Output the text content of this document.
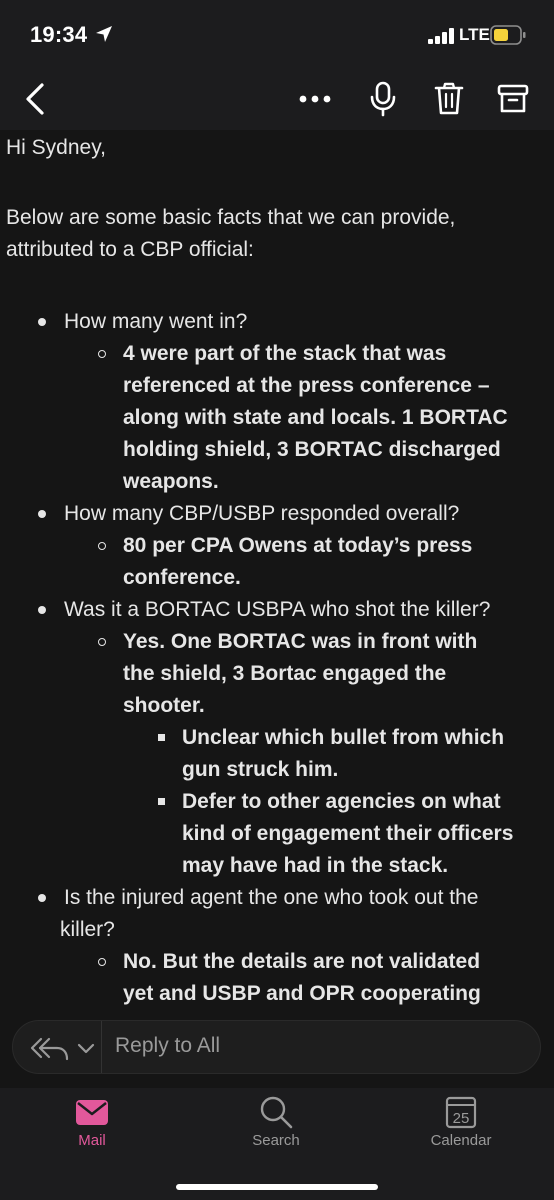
19:34	LTE

Hi Sydney,

Below are some basic facts that we can provide, attributed to a CBP official:

How many went in?
4 were part of the stack that was
referenced at the press conference –
along with state and locals. 1 BORTAC
holding shield, 3 BORTAC discharged
weapons.
How many CBP/USBP responded overall?
80 per CPA Owens at today’s press
conference.
Was it a BORTAC USBPA who shot the killer?
Yes. One BORTAC was in front with
the shield, 3 Bortac engaged the
shooter.
Unclear which bullet from which
gun struck him.
Defer to other agencies on what
kind of engagement their officers
may have had in the stack.
Is the injured agent the one who took out the
killer?
No. But the details are not validated
yet and USBP and OPR cooperating
Reply to All
Mail	Search
25
Calendar
